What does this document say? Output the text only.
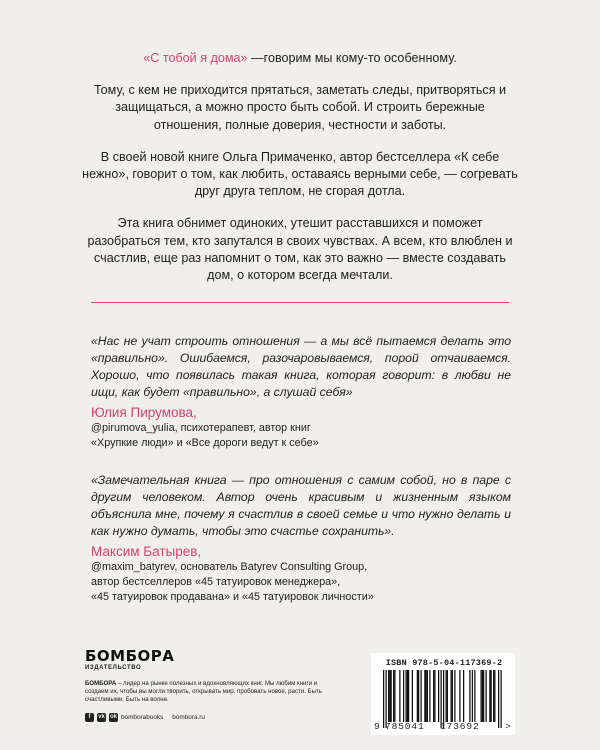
«С тобой я дома» —говорим мы кому-то особенному.

Тому, с кем не приходится прятаться, заметать следы, притворяться и защищаться, а можно просто быть собой. И строить бережные отношения, полные доверия, честности и заботы.

В своей новой книге Ольга Примаченко, автор бестселлера «К себе нежно», говорит о том, как любить, оставаясь верными себе, — согревать друг друга теплом, не сгорая дотла.

Эта книга обнимет одиноких, утешит расставшихся и поможет разобраться тем, кто запутался в своих чувствах. А всем, кто влюблен и счастлив, еще раз напомнит о том, как это важно — вместе создавать дом, о котором всегда мечтали.

«Нас не учат строить отношения — а мы всё пытаемся делать это «правильно». Ошибаемся, разочаровываемся, порой отчаиваемся. Хорошо, что появилась такая книга, которая говорит: в любви не ищи, как будет «правильно», а слушай себя»

Юлия Пирумова,
@pirumova_yulia, психотерапевт, автор книг
«Хрупкие люди» и «Все дороги ведут к себе»

«Замечательная книга — про отношения с самим собой, но в паре с другим человеком. Автор очень красивым и жизненным языком объяснила мне, почему я счастлив в своей семье и что нужно делать и как нужно думать, чтобы это счастье сохранить».

Максим Батырев,
@maxim_batyrev, основатель Batyrev Consulting Group,
автор бестселлеров «45 татуировок менеджера»,
«45 татуировок продавана» и «45 татуировок личности»
БОМБОРА
ИЗДАТЕЛЬСТВО
БОМБОРА – лидер на рынке полезных и вдохновляющих книг. Мы любим книги и создаем их, чтобы вы могли творить, открывать мир, пробовать новое, расти. Быть счастливыми. Быть на волне.
f	vk ok bomborabooks bombora.ru
ISBN 978-5-04-117369-2
9 785041 173692	>
